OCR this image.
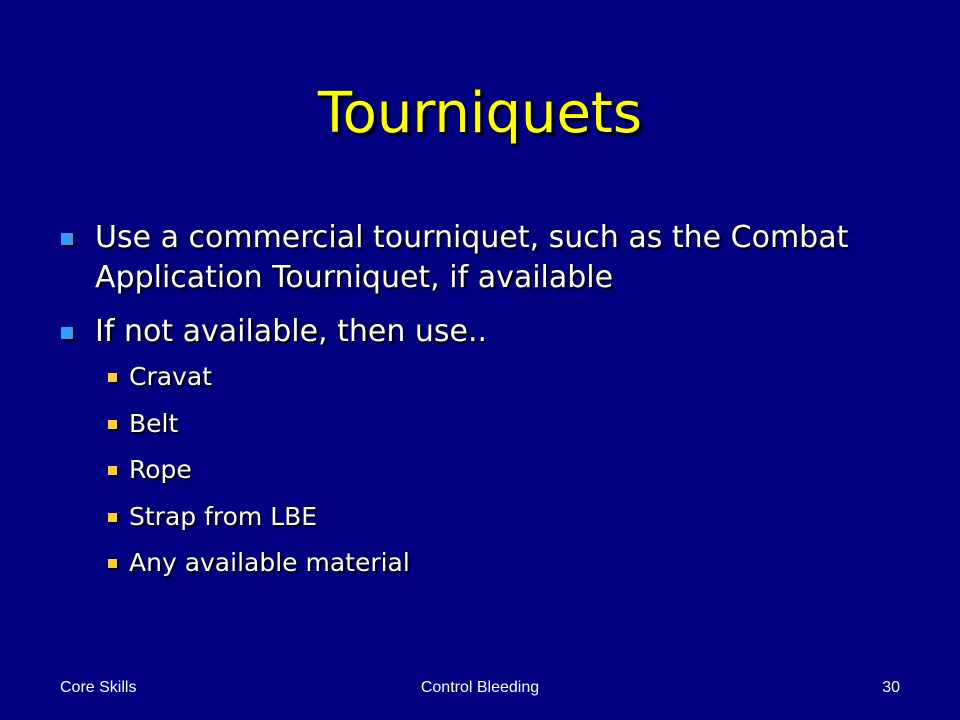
Tourniquets
Use a commercial tourniquet, such as the Combat Application Tourniquet, if available
If not available, then use..
Cravat
Belt
Rope
Strap from LBE
Any available material
Core Skills	Control Bleeding	30
